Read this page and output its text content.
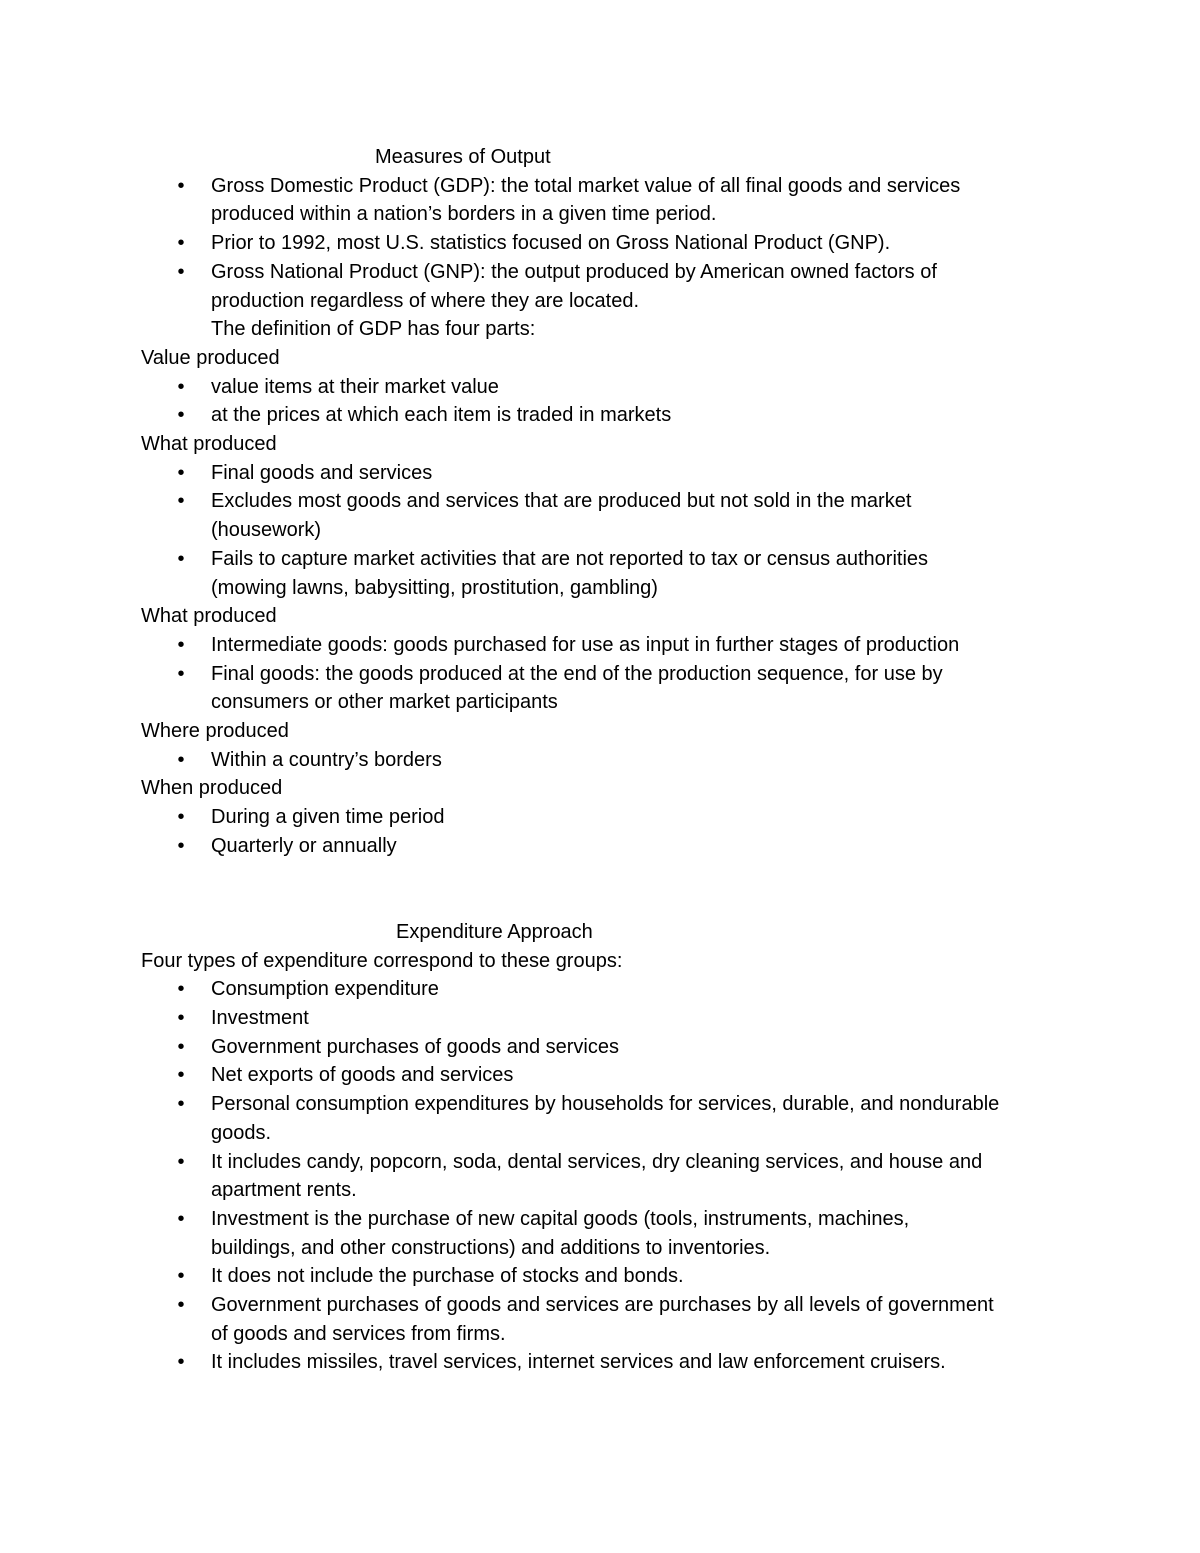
Measures of Output
• Gross Domestic Product (GDP): the total market value of all final goods and services
produced within a nation’s borders in a given time period.
• Prior to 1992, most U.S. statistics focused on Gross National Product (GNP).
• Gross National Product (GNP): the output produced by American owned factors of
production regardless of where they are located.
The definition of GDP has four parts:
Value produced
• value items at their market value
• at the prices at which each item is traded in markets
What produced
• Final goods and services
• Excludes most goods and services that are produced but not sold in the market
(housework)
• Fails to capture market activities that are not reported to tax or census authorities
(mowing lawns, babysitting, prostitution, gambling)
What produced
• Intermediate goods: goods purchased for use as input in further stages of production
• Final goods: the goods produced at the end of the production sequence, for use by
consumers or other market participants
Where produced
• Within a country’s borders
When produced
• During a given time period
• Quarterly or annually
Expenditure Approach
Four types of expenditure correspond to these groups:
• Consumption expenditure
• Investment
• Government purchases of goods and services
• Net exports of goods and services
• Personal consumption expenditures by households for services, durable, and nondurable
goods.
• It includes candy, popcorn, soda, dental services, dry cleaning services, and house and
apartment rents.
• Investment is the purchase of new capital goods (tools, instruments, machines,
buildings, and other constructions) and additions to inventories.
• It does not include the purchase of stocks and bonds.
• Government purchases of goods and services are purchases by all levels of government
of goods and services from firms.
• It includes missiles, travel services, internet services and law enforcement cruisers.
